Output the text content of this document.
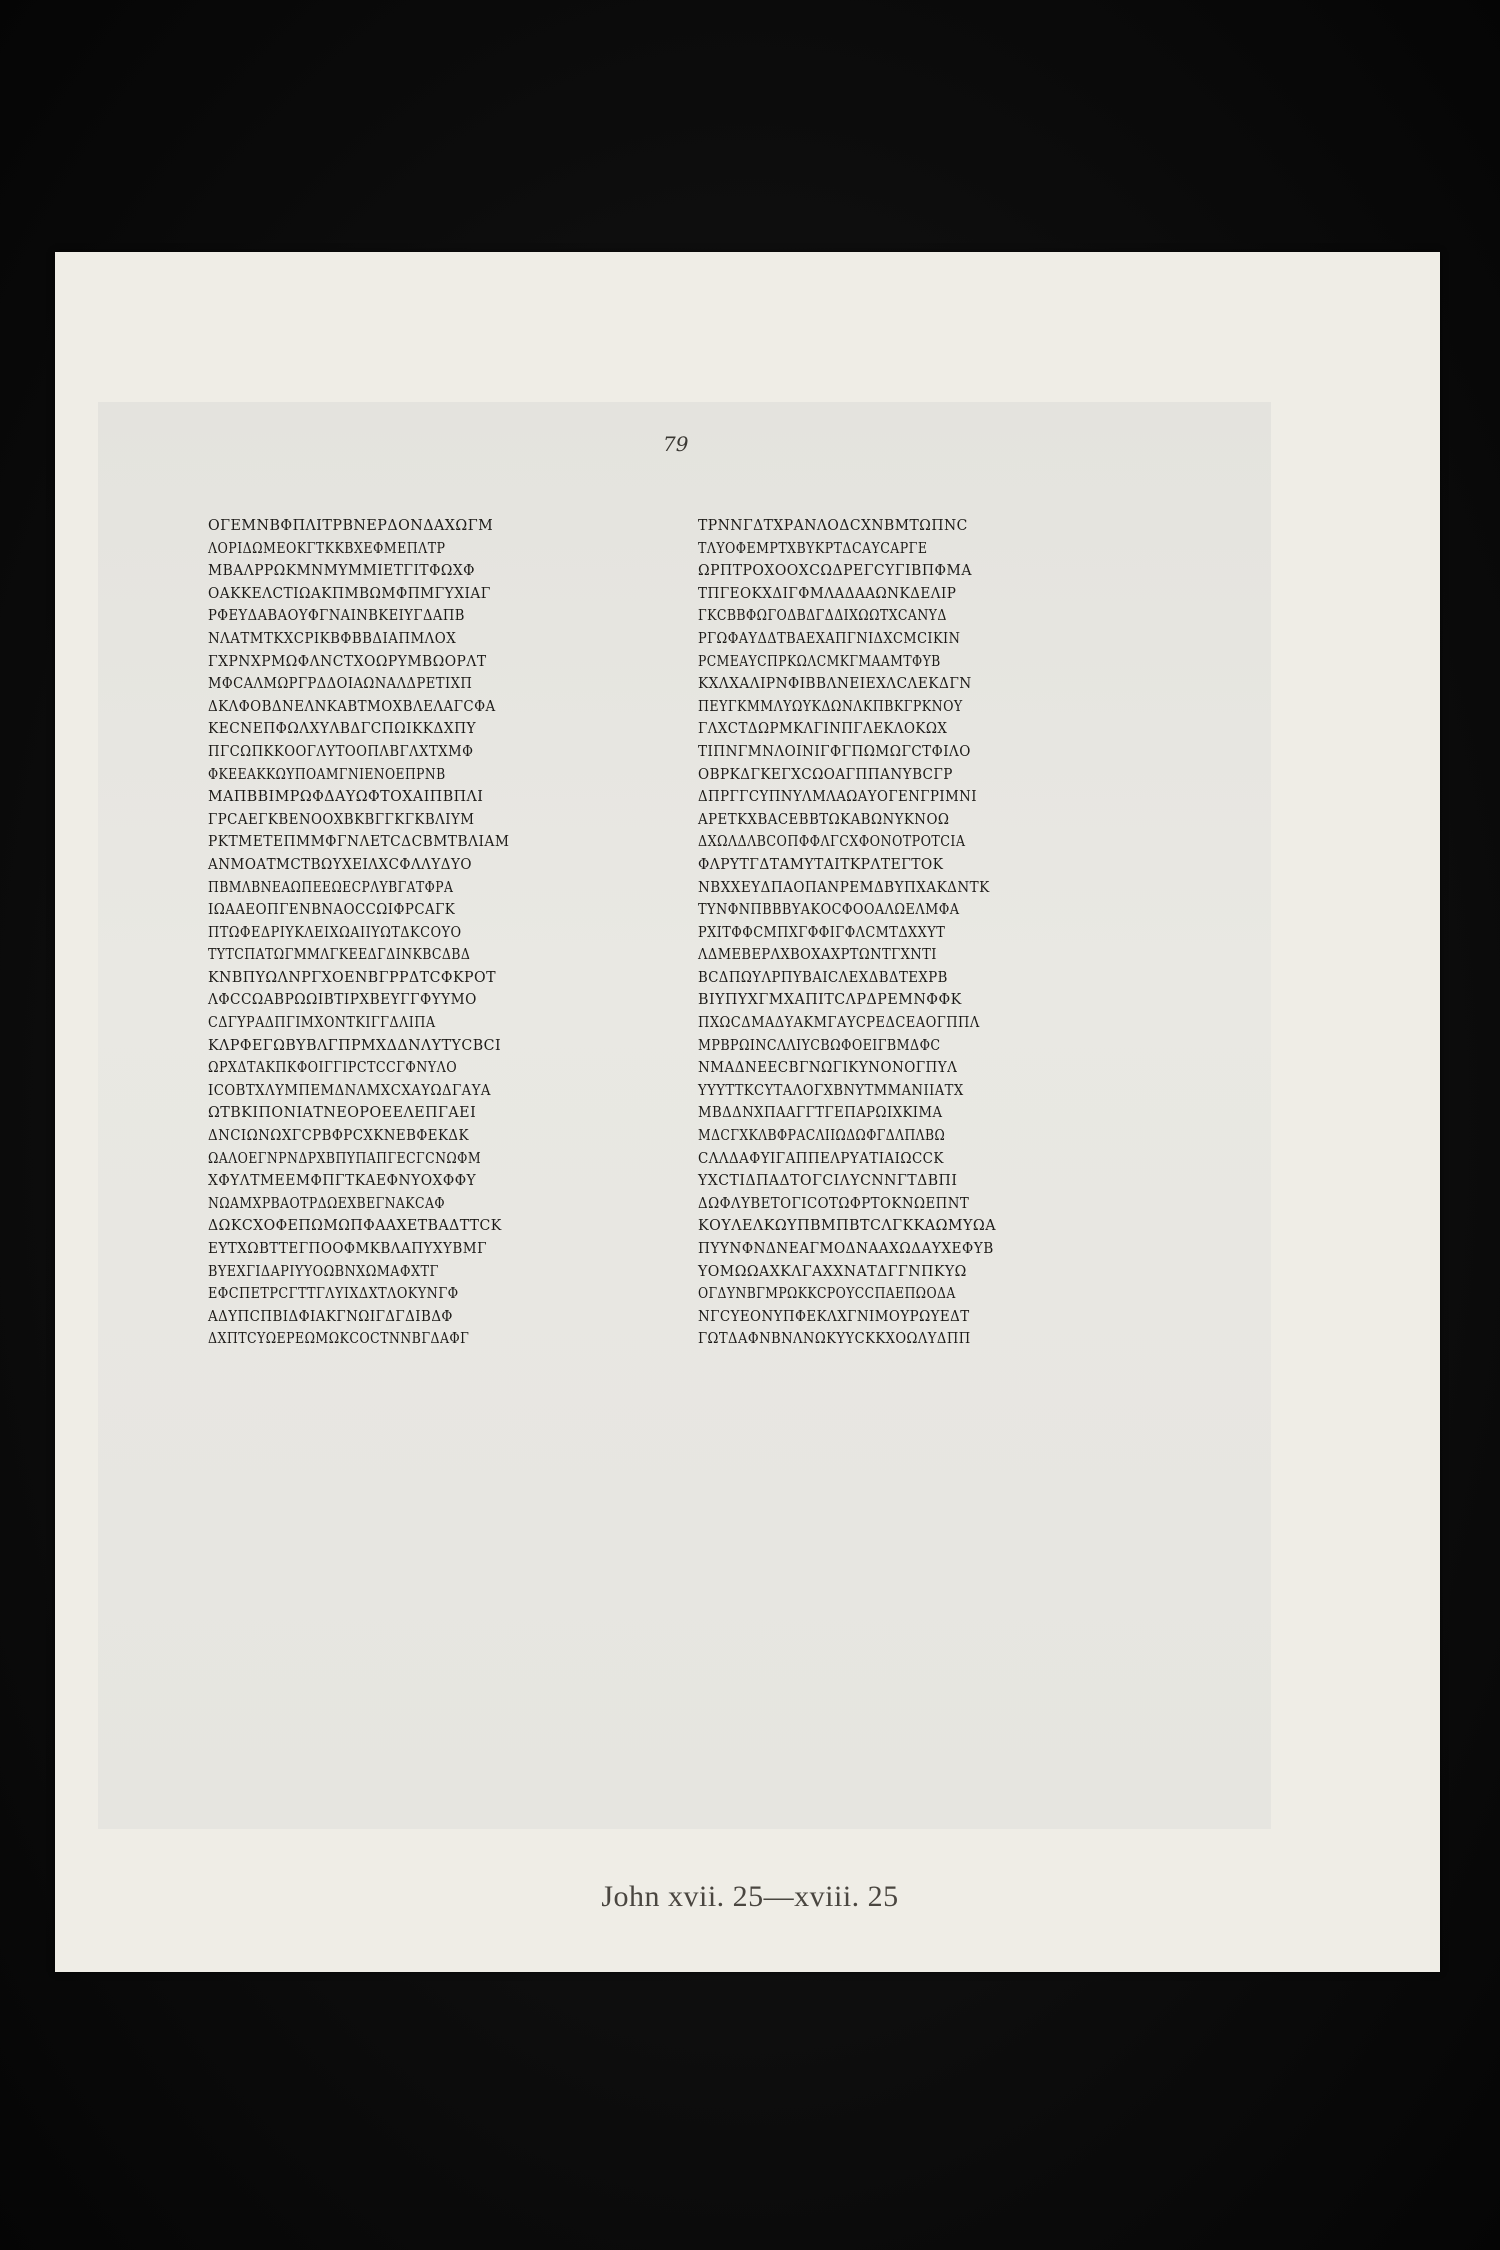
79
ΟΓΕΜΝΒΦΠΛΙΤΡΒΝΕΡΔΟΝΔΑΧΩΓΜ
ΛΟΡΙΔΩΜΕΟΚΓΤΚΚΒΧΕΦΜΕΠΛΤΡ
ΜΒΑΛΡΡΩΚΜΝΜΥΜΜΙΕΤΓΙΤΦΩΧΦ
ΟΑΚΚΕΛϹΤΙΩΑΚΠΜΒΩΜΦΠΜΓΥΧΙΑΓ
ΡΦΕΥΔΑΒΑΟΥΦΓΝΑΙΝΒΚΕΙΥΓΔΑΠΒ
ΝΛΑΤΜΤΚΧϹΡΙΚΒΦΒΒΔΙΑΠΜΛΟΧ
ΓΧΡΝΧΡΜΩΦΛΝϹΤΧΟΩΡΥΜΒΩΟΡΛΤ
ΜΦϹΑΛΜΩΡΓΡΔΔΟΙΑΩΝΑΛΔΡΕΤΙΧΠ
ΔΚΛΦΟΒΔΝΕΛΝΚΑΒΤΜΟΧΒΛΕΛΑΓϹΦΑ
ΚΕϹΝΕΠΦΩΛΧΥΛΒΔΓϹΠΩΙΚΚΔΧΠΥ
ΠΓϹΩΠΚΚΟΟΓΛΥΤΟΟΠΛΒΓΛΧΤΧΜΦ
ΦΚΕΕΑΚΚΩΥΠΟΑΜΓΝΙΕΝΟΕΠΡΝΒ
ΜΑΠΒΒΙΜΡΩΦΔΑΥΩΦΤΟΧΑΙΠΒΠΛΙ
ΓΡϹΑΕΓΚΒΕΝΟΟΧΒΚΒΓΓΚΓΚΒΛΙΥΜ
ΡΚΤΜΕΤΕΠΜΜΦΓΝΛΕΤϹΔϹΒΜΤΒΛΙΑΜ
ΑΝΜΟΑΤΜϹΤΒΩΥΧΕΙΛΧϹΦΛΛΥΔΥΟ
ΠΒΜΛΒΝΕΑΩΠΕΕΩΕϹΡΛΥΒΓΑΤΦΡΑ
ΙΩΑΑΕΟΠΓΕΝΒΝΑΟϹϹΩΙΦΡϹΑΓΚ
ΠΤΩΦΕΔΡΙΥΚΛΕΙΧΩΑΙΙΥΩΤΔΚϹΟΥΟ
ΤΥΤϹΠΑΤΩΓΜΜΛΓΚΕΕΔΓΔΙΝΚΒϹΔΒΔ
ΚΝΒΠΥΩΛΝΡΓΧΟΕΝΒΓΡΡΔΤϹΦΚΡΟΤ
ΛΦϹϹΩΑΒΡΩΩΙΒΤΙΡΧΒΕΥΓΓΦΥΥΜΟ
ϹΔΓΥΡΑΔΠΓΙΜΧΟΝΤΚΙΓΓΔΛΙΠΑ
ΚΛΡΦΕΓΩΒΥΒΛΓΠΡΜΧΔΔΝΛΥΤΥϹΒϹΙ
ΩΡΧΔΤΑΚΠΚΦΟΙΓΓΙΡϹΤϹϹΓΦΝΥΛΟ
ΙϹΟΒΤΧΛΥΜΠΕΜΔΝΛΜΧϹΧΑΥΩΔΓΑΥΑ
ΩΤΒΚΙΠΟΝΙΑΤΝΕΟΡΟΕΕΛΕΠΓΑΕΙ
ΔΝϹΙΩΝΩΧΓϹΡΒΦΡϹΧΚΝΕΒΦΕΚΔΚ
ΩΑΛΟΕΓΝΡΝΔΡΧΒΠΥΠΑΠΓΕϹΓϹΝΩΦΜ
ΧΦΥΛΤΜΕΕΜΦΠΓΤΚΑΕΦΝΥΟΧΦΦΥ
ΝΩΑΜΧΡΒΑΟΤΡΔΩΕΧΒΕΓΝΑΚϹΑΦ
ΔΩΚϹΧΟΦΕΠΩΜΩΠΦΑΑΧΕΤΒΑΔΤΤϹΚ
ΕΥΤΧΩΒΤΤΕΓΠΟΟΦΜΚΒΛΑΠΥΧΥΒΜΓ
ΒΥΕΧΓΙΔΑΡΙΥΥΟΩΒΝΧΩΜΑΦΧΤΓ
ΕΦϹΠΕΤΡϹΓΤΤΓΛΥΙΧΔΧΤΛΟΚΥΝΓΦ
ΑΔΥΠϹΠΒΙΔΦΙΑΚΓΝΩΙΓΔΓΔΙΒΔΦ
ΔΧΠΤϹΥΩΕΡΕΩΜΩΚϹΟϹΤΝΝΒΓΔΑΦΓ
ΤΡΝΝΓΔΤΧΡΑΝΛΟΔϹΧΝΒΜΤΩΠΝϹ
ΤΛΥΟΦΕΜΡΤΧΒΥΚΡΤΔϹΑΥϹΑΡΓΕ
ΩΡΠΤΡΟΧΟΟΧϹΩΔΡΕΓϹΥΓΙΒΠΦΜΑ
ΤΠΓΕΟΚΧΔΙΓΦΜΛΑΔΑΑΩΝΚΔΕΛΙΡ
ΓΚϹΒΒΦΩΓΟΔΒΔΓΔΔΙΧΩΩΤΧϹΑΝΥΔ
ΡΓΩΦΑΥΔΔΤΒΑΕΧΑΠΓΝΙΔΧϹΜϹΙΚΙΝ
ΡϹΜΕΑΥϹΠΡΚΩΛϹΜΚΓΜΑΑΜΤΦΥΒ
ΚΧΛΧΑΛΙΡΝΦΙΒΒΛΝΕΙΕΧΛϹΛΕΚΔΓΝ
ΠΕΥΓΚΜΜΛΥΩΥΚΔΩΝΛΚΠΒΚΓΡΚΝΟΥ
ΓΛΧϹΤΔΩΡΜΚΛΓΙΝΠΓΛΕΚΛΟΚΩΧ
ΤΙΠΝΓΜΝΛΟΙΝΙΓΦΓΠΩΜΩΓϹΤΦΙΛΟ
ΟΒΡΚΔΓΚΕΓΧϹΩΟΑΓΠΠΑΝΥΒϹΓΡ
ΔΠΡΓΓϹΥΠΝΥΛΜΛΑΩΑΥΟΓΕΝΓΡΙΜΝΙ
ΑΡΕΤΚΧΒΑϹΕΒΒΤΩΚΑΒΩΝΥΚΝΟΩ
ΔΧΩΛΔΛΒϹΟΠΦΦΛΓϹΧΦΟΝΟΤΡΟΤϹΙΑ
ΦΛΡΥΤΓΔΤΑΜΥΤΑΙΤΚΡΛΤΕΓΤΟΚ
ΝΒΧΧΕΥΔΠΑΟΠΑΝΡΕΜΔΒΥΠΧΑΚΔΝΤΚ
ΤΥΝΦΝΠΒΒΒΥΑΚΟϹΦΟΟΑΛΩΕΛΜΦΑ
ΡΧΙΤΦΦϹΜΠΧΓΦΦΙΓΦΛϹΜΤΔΧΧΥΤ
ΛΔΜΕΒΕΡΛΧΒΟΧΑΧΡΤΩΝΤΓΧΝΤΙ
ΒϹΔΠΩΥΛΡΠΥΒΑΙϹΛΕΧΔΒΔΤΕΧΡΒ
ΒΙΥΠΥΧΓΜΧΑΠΙΤϹΛΡΔΡΕΜΝΦΦΚ
ΠΧΩϹΔΜΑΔΥΑΚΜΓΑΥϹΡΕΔϹΕΑΟΓΠΠΛ
ΜΡΒΡΩΙΝϹΛΛΙΥϹΒΩΦΟΕΙΓΒΜΔΦϹ
ΝΜΑΔΝΕΕϹΒΓΝΩΓΙΚΥΝΟΝΟΓΠΥΛ
ΥΥΥΤΤΚϹΥΤΑΛΟΓΧΒΝΥΤΜΜΑΝΙΙΑΤΧ
ΜΒΔΔΝΧΠΑΑΓΓΤΓΕΠΑΡΩΙΧΚΙΜΑ
ΜΔϹΓΧΚΛΒΦΡΑϹΛΙΙΩΔΩΦΓΔΛΠΛΒΩ
ϹΛΛΔΑΦΥΙΓΑΠΠΕΛΡΥΑΤΙΑΙΩϹϹΚ
ΥΧϹΤΙΔΠΑΔΤΟΓϹΙΛΥϹΝΝΓΤΔΒΠΙ
ΔΩΦΛΥΒΕΤΟΓΙϹΟΤΩΦΡΤΟΚΝΩΕΠΝΤ
ΚΟΥΛΕΛΚΩΥΠΒΜΠΒΤϹΛΓΚΚΑΩΜΥΩΑ
ΠΥΥΝΦΝΔΝΕΑΓΜΟΔΝΑΑΧΩΔΑΥΧΕΦΥΒ
ΥΟΜΩΩΑΧΚΛΓΑΧΧΝΑΤΔΓΓΝΠΚΥΩ
ΟΓΔΥΝΒΓΜΡΩΚΚϹΡΟΥϹϹΠΑΕΠΩΟΔΑ
ΝΓϹΥΕΟΝΥΠΦΕΚΛΧΓΝΙΜΟΥΡΩΥΕΔΤ
ΓΩΤΔΑΦΝΒΝΛΝΩΚΥΥϹΚΚΧΟΩΛΥΔΠΠ
John xvii. 25—xviii. 25
